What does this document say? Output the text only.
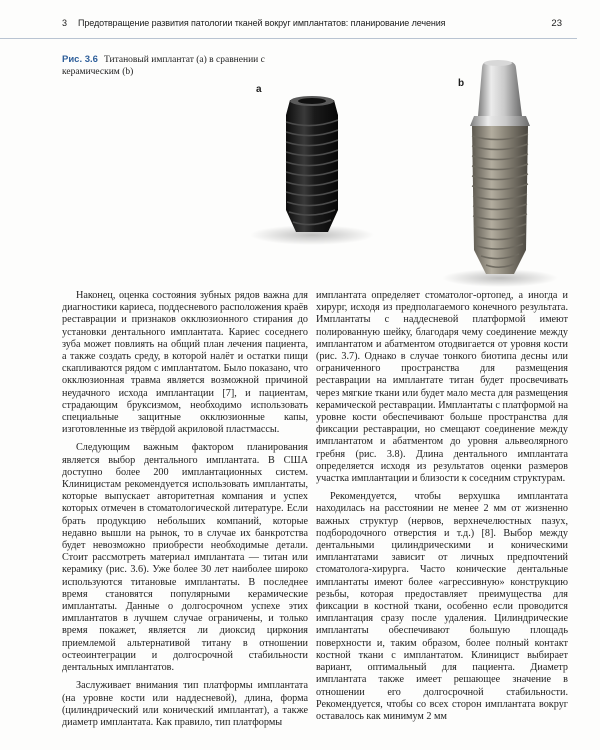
3 Предотвращение развития патологии тканей вокруг имплантатов: планирование лечения	23
Рис. 3.6 Титановый имплантат (a) в сравнении с керамическим (b)
a
b

Наконец, оценка состояния зубных рядов важна для диагностики кариеса, поддесневого расположения краёв реставрации и признаков окклюзионного стирания до установки дентального имплантата. Кариес соседнего зуба может повлиять на общий план лечения пациента, а также создать среду, в которой налёт и остатки пищи скапливаются рядом с имплантатом. Было показано, что окклюзионная травма является возможной причиной неудачного исхода имплантации [7], и пациентам, страдающим бруксизмом, необходимо использовать специальные защитные окклюзионные капы, изготовленные из твёрдой акриловой пластмассы.

Следующим важным фактором планирования является выбор дентального имплантата. В США доступно более 200 имплантационных систем. Клиницистам рекомендуется использовать имплантаты, которые выпускает авторитетная компания и успех которых отмечен в стоматологической литературе. Если брать продукцию небольших компаний, которые недавно вышли на рынок, то в случае их банкротства будет невозможно приобрести необходимые детали. Стоит рассмотреть материал имплантата — титан или керамику (рис. 3.6). Уже более 30 лет наиболее широко используются титановые имплантаты. В последнее время становятся популярными керамические имплантаты. Данные о долгосрочном успехе этих имплантатов в лучшем случае ограничены, и только время покажет, является ли диоксид циркония приемлемой альтернативой титану в отношении остеоинтеграции и долгосрочной стабильности дентальных имплантатов.

Заслуживает внимания тип платформы имплантата (на уровне кости или наддесневой), длина, форма (цилиндрический или конический имплантат), а также диаметр имплантата. Как правило, тип платформы

имплантата определяет стоматолог-ортопед, а иногда и хирург, исходя из предполагаемого конечного результата. Имплантаты с наддесневой платформой имеют полированную шейку, благодаря чему соединение между имплантатом и абатментом отодвигается от уровня кости (рис. 3.7). Однако в случае тонкого биотипа десны или ограниченного пространства для размещения реставрации на имплантате титан будет просвечивать через мягкие ткани или будет мало места для размещения керамической реставрации. Имплантаты с платформой на уровне кости обеспечивают больше пространства для фиксации реставрации, но смещают соединение между имплантатом и абатментом до уровня альвеолярного гребня (рис. 3.8). Длина дентального имплантата определяется исходя из результатов оценки размеров участка имплантации и близости к соседним структурам.

Рекомендуется, чтобы верхушка имплантата находилась на расстоянии не менее 2 мм от жизненно важных структур (нервов, верхнечелюстных пазух, подбородочного отверстия и т.д.) [8]. Выбор между дентальными цилиндрическими и коническими имплантатами зависит от личных предпочтений стоматолога-хирурга. Часто конические дентальные имплантаты имеют более «агрессивную» конструкцию резьбы, которая предоставляет преимущества для фиксации в костной ткани, особенно если проводится имплантация сразу после удаления. Цилиндрические имплантаты обеспечивают большую площадь поверхности и, таким образом, более полный контакт костной ткани с имплантатом. Клиницист выбирает вариант, оптимальный для пациента. Диаметр имплантата также имеет решающее значение в отношении его долгосрочной стабильности. Рекомендуется, чтобы со всех сторон имплантата вокруг оставалось как минимум 2 мм
